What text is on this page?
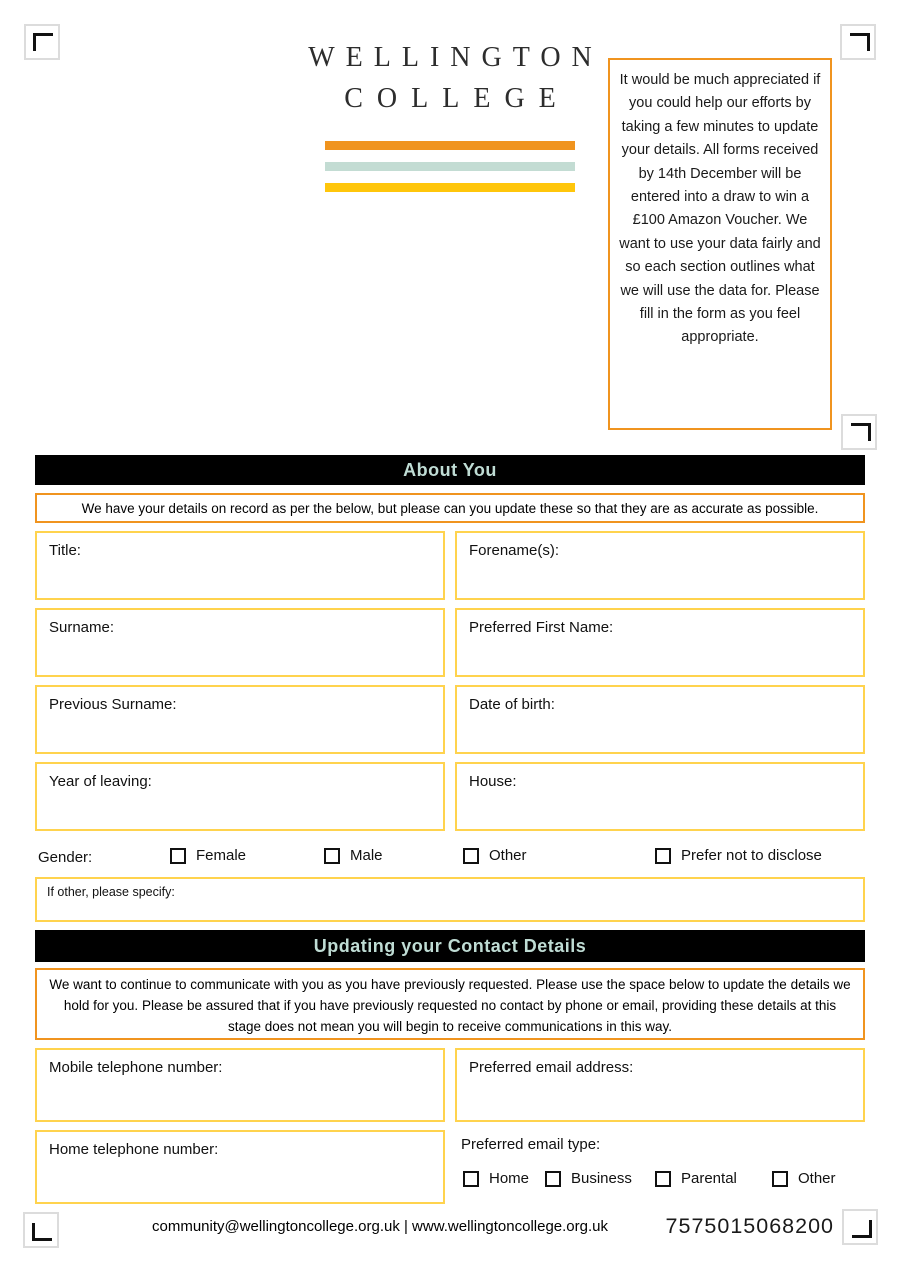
WELLINGTON
COLLEGE
It would be much appreciated if you could help our efforts by taking a few minutes to update your details. All forms received by 14th December will be entered into a draw to win a £100 Amazon Voucher. We want to use your data fairly and so each section outlines what we will use the data for. Please fill in the form as you feel appropriate.
About You
We have your details on record as per the below, but please can you update these so that they are as accurate as possible.
Title:	Forename(s):
Surname:	Preferred First Name:
Previous Surname:	Date of birth:
Year of leaving:	House:
Gender:	Female	Male	Other	Prefer not to disclose
If other, please specify:
Updating your Contact Details
We want to continue to communicate with you as you have previously requested. Please use the space below to update the details we hold for you. Please be assured that if you have previously requested no contact by phone or email, providing these details at this stage does not mean you will begin to receive communications in this way.
Mobile telephone number:	Preferred email address:
Home telephone number:	Preferred email type:
Home	Business	Parental	Other
community@wellingtoncollege.org.uk | www.wellingtoncollege.org.uk	7575015068200
